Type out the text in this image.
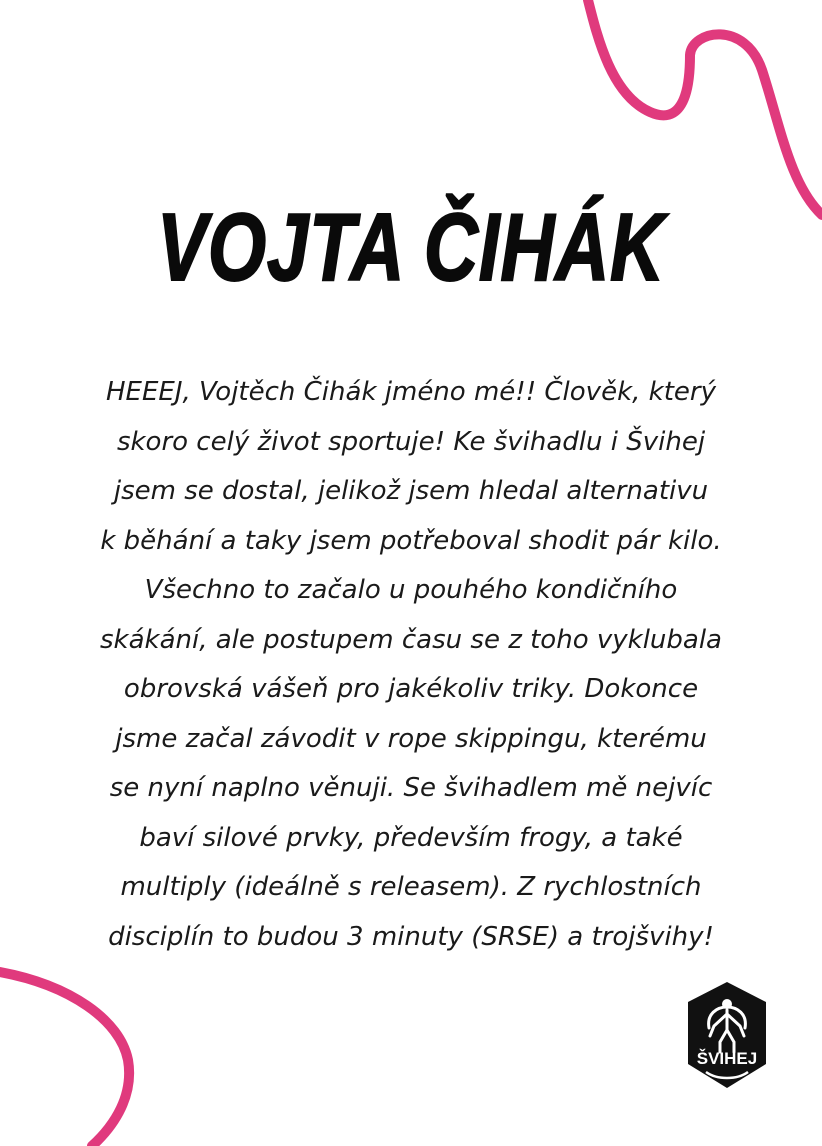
VOJTA ČIHÁK
HEEEJ, Vojtěch Čihák jméno mé!! Člověk, který
skoro celý život sportuje! Ke švihadlu i Švihej
jsem se dostal, jelikož jsem hledal alternativu
k běhání a taky jsem potřeboval shodit pár kilo.
Všechno to začalo u pouhého kondičního
skákání, ale postupem času se z toho vyklubala
obrovská vášeň pro jakékoliv triky. Dokonce
jsme začal závodit v rope skippingu, kterému
se nyní naplno věnuji. Se švihadlem mě nejvíc
baví silové prvky, především frogy, a také
multiply (ideálně s releasem). Z rychlostních
disciplín to budou 3 minuty (SRSE) a trojšvihy!
ŠVIHEJ
